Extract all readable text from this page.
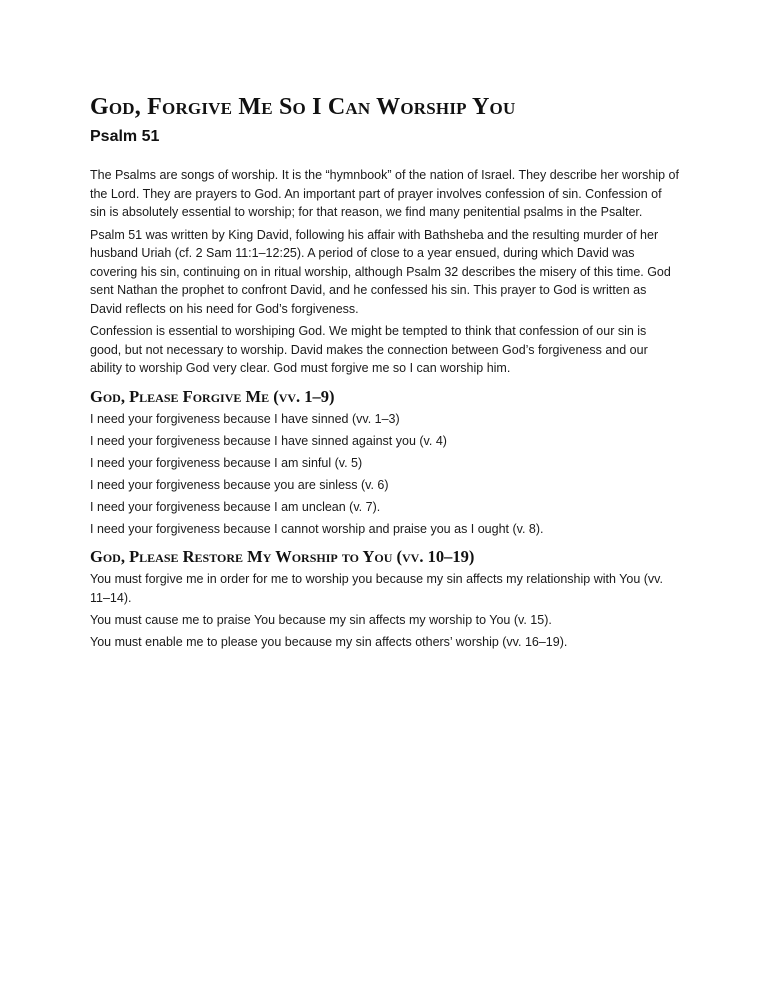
God, Forgive Me So I Can Worship You
Psalm 51

The Psalms are songs of worship. It is the “hymnbook” of the nation of Israel. They describe her worship of the Lord. They are prayers to God. An important part of prayer involves confession of sin. Confession of sin is absolutely essential to worship; for that reason, we find many penitential psalms in the Psalter.

Psalm 51 was written by King David, following his affair with Bathsheba and the resulting murder of her husband Uriah (cf. 2 Sam 11:1–12:25). A period of close to a year ensued, during which David was covering his sin, continuing on in ritual worship, although Psalm 32 describes the misery of this time. God sent Nathan the prophet to confront David, and he confessed his sin. This prayer to God is written as David reflects on his need for God’s forgiveness.

Confession is essential to worshiping God. We might be tempted to think that confession of our sin is good, but not necessary to worship. David makes the connection between God’s forgiveness and our ability to worship God very clear. God must forgive me so I can worship him.

God, Please Forgive Me (vv. 1–9)

I need your forgiveness because I have sinned (vv. 1–3)

I need your forgiveness because I have sinned against you (v. 4)

I need your forgiveness because I am sinful (v. 5)

I need your forgiveness because you are sinless (v. 6)

I need your forgiveness because I am unclean (v. 7).

I need your forgiveness because I cannot worship and praise you as I ought (v. 8).

God, Please Restore My Worship to You (vv. 10–19)

You must forgive me in order for me to worship you because my sin affects my relationship with You (vv. 11–14).

You must cause me to praise You because my sin affects my worship to You (v. 15).

You must enable me to please you because my sin affects others’ worship (vv. 16–19).
